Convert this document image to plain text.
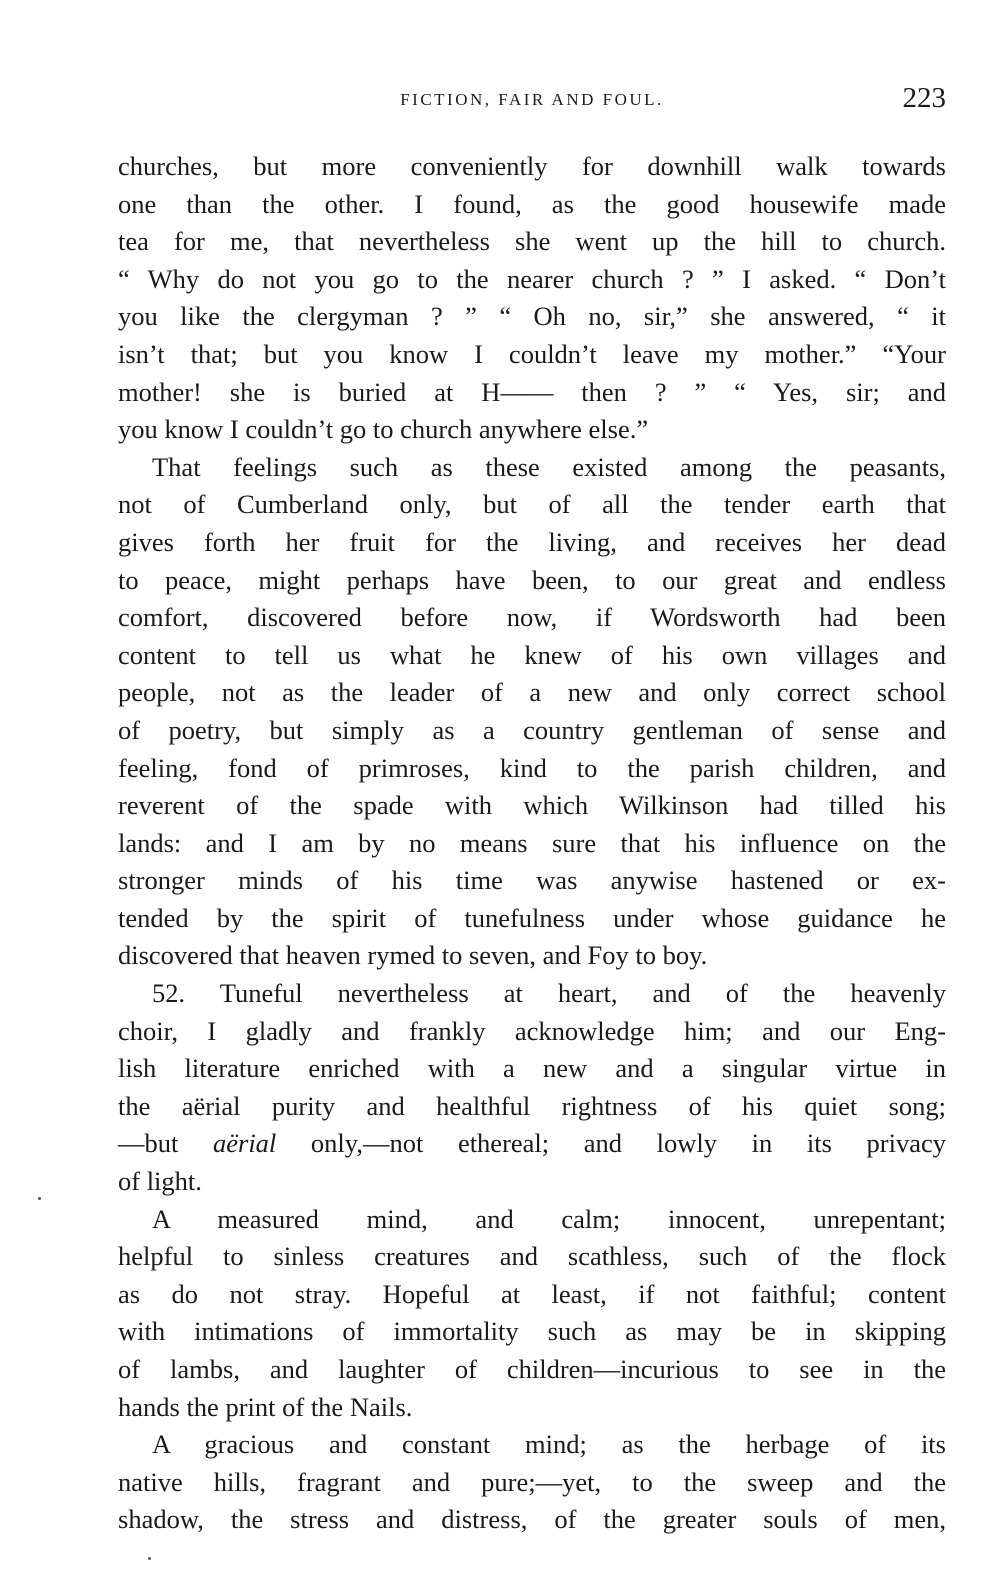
FICTION, FAIR AND FOUL.	223
churches, but more conveniently for downhill walk towards
one than the other. I found, as the good housewife made
tea for me, that nevertheless she went up the hill to church.
“ Why do not you go to the nearer church ? ” I asked. “ Don’t
you like the clergyman ? ” “ Oh no, sir,” she answered, “ it
isn’t that; but you know I couldn’t leave my mother.” “Your
mother! she is buried at H—— then ? ” “ Yes, sir; and
you know I couldn’t go to church anywhere else.”
That feelings such as these existed among the peasants,
not of Cumberland only, but of all the tender earth that
gives forth her fruit for the living, and receives her dead
to peace, might perhaps have been, to our great and endless
comfort, discovered before now, if Wordsworth had been
content to tell us what he knew of his own villages and
people, not as the leader of a new and only correct school
of poetry, but simply as a country gentleman of sense and
feeling, fond of primroses, kind to the parish children, and
reverent of the spade with which Wilkinson had tilled his
lands: and I am by no means sure that his influence on the
stronger minds of his time was anywise hastened or ex-
tended by the spirit of tunefulness under whose guidance he
discovered that heaven rymed to seven, and Foy to boy.
52. Tuneful nevertheless at heart, and of the heavenly
choir, I gladly and frankly acknowledge him; and our Eng-
lish literature enriched with a new and a singular virtue in
the aërial purity and healthful rightness of his quiet song;
—but aërial only,—not ethereal; and lowly in its privacy
of light.
A measured mind, and calm; innocent, unrepentant;
helpful to sinless creatures and scathless, such of the flock
as do not stray. Hopeful at least, if not faithful; content
with intimations of immortality such as may be in skipping
of lambs, and laughter of children—incurious to see in the
hands the print of the Nails.
A gracious and constant mind; as the herbage of its
native hills, fragrant and pure;—yet, to the sweep and the
shadow, the stress and distress, of the greater souls of men,
